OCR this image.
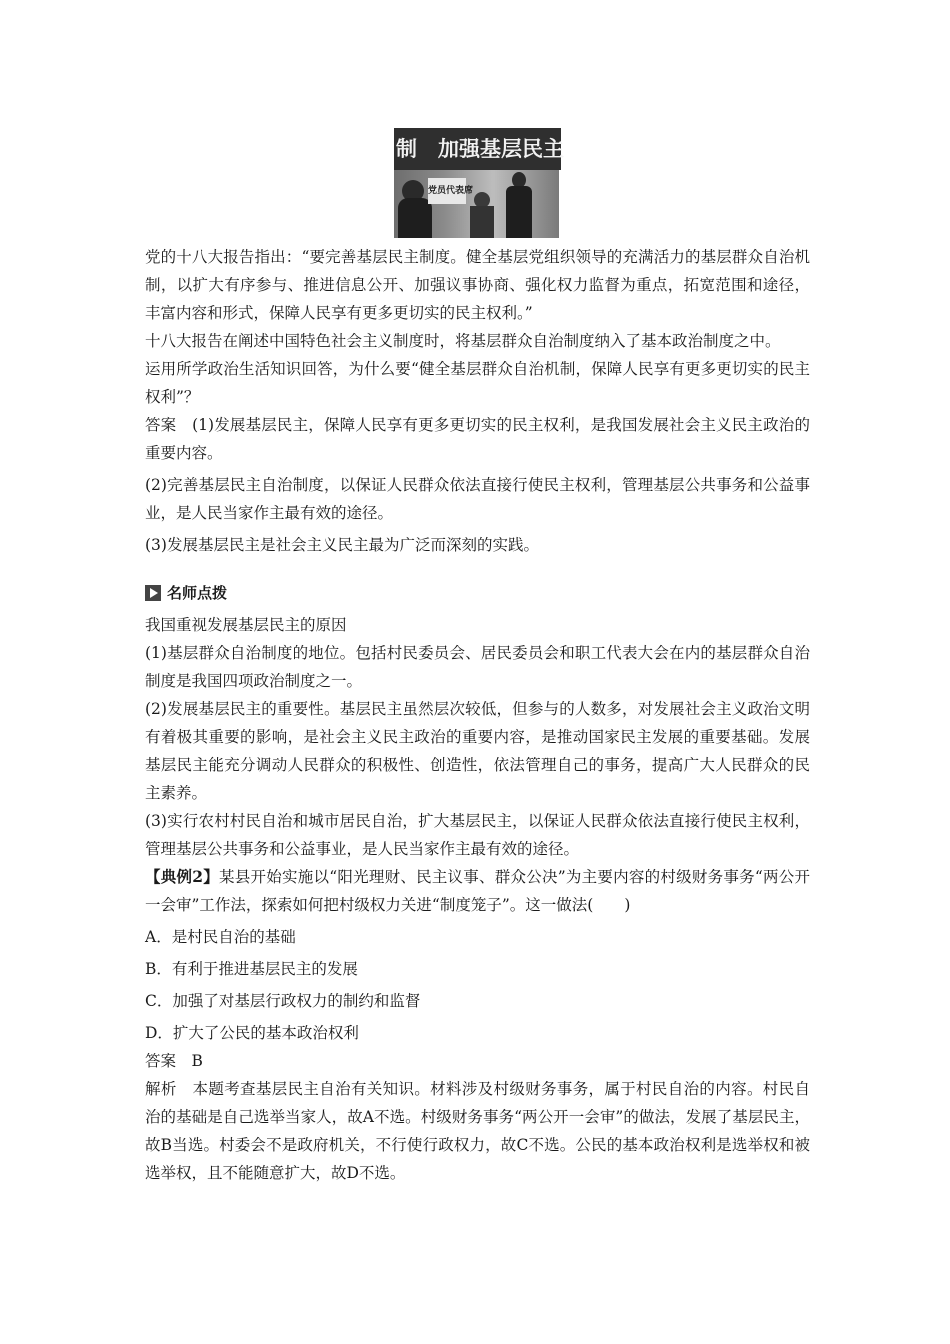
制　加强基层民主
党员代表席

党的十八大报告指出：“要完善基层民主制度。健全基层党组织领导的充满活力的基层群众自治机制，以扩大有序参与、推进信息公开、加强议事协商、强化权力监督为重点，拓宽范围和途径，丰富内容和形式，保障人民享有更多更切实的民主权利。”

十八大报告在阐述中国特色社会主义制度时，将基层群众自治制度纳入了基本政治制度之中。

运用所学政治生活知识回答，为什么要“健全基层群众自治机制，保障人民享有更多更切实的民主权利”？

答案　 (1)发展基层民主，保障人民享有更多更切实的民主权利，是我国发展社会主义民主政治的重要内容。

(2)完善基层民主自治制度，以保证人民群众依法直接行使民主权利，管理基层公共事务和公益事业，是人民当家作主最有效的途径。

(3)发展基层民主是社会主义民主最为广泛而深刻的实践。

名师点拨

我国重视发展基层民主的原因

(1)基层群众自治制度的地位。包括村民委员会、居民委员会和职工代表大会在内的基层群众自治制度是我国四项政治制度之一。

(2)发展基层民主的重要性。基层民主虽然层次较低，但参与的人数多，对发展社会主义政治文明有着极其重要的影响，是社会主义民主政治的重要内容，是推动国家民主发展的重要基础。发展基层民主能充分调动人民群众的积极性、创造性，依法管理自己的事务，提高广大人民群众的民主素养。

(3)实行农村村民自治和城市居民自治，扩大基层民主，以保证人民群众依法直接行使民主权利，管理基层公共事务和公益事业，是人民当家作主最有效的途径。

【典例2】某县开始实施以“阳光理财、民主议事、群众公决”为主要内容的村级财务事务“两公开一会审”工作法，探索如何把村级权力关进“制度笼子”。这一做法(　　)

A．是村民自治的基础

B．有利于推进基层民主的发展

C．加强了对基层行政权力的制约和监督

D．扩大了公民的基本政治权利

答案　 B

解析　 本题考查基层民主自治有关知识。材料涉及村级财务事务，属于村民自治的内容。村民自治的基础是自己选举当家人，故A不选。村级财务事务“两公开一会审”的做法，发展了基层民主，故B当选。村委会不是政府机关，不行使行政权力，故C不选。公民的基本政治权利是选举权和被选举权，且不能随意扩大，故D不选。
